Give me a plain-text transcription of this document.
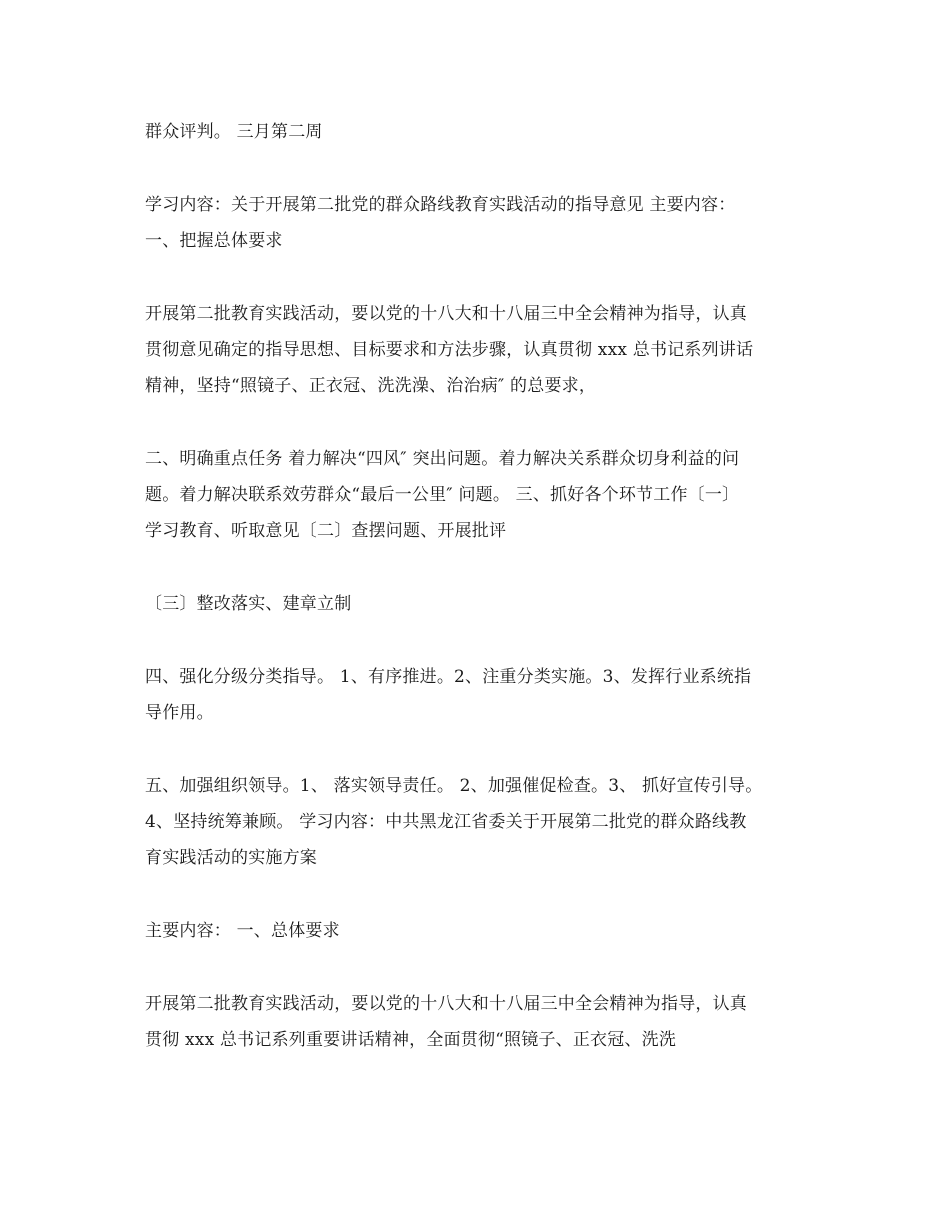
群众评判。 三月第二周

学习内容：关于开展第二批党的群众路线教育实践活动的指导意见 主要内容：
一、把握总体要求

开展第二批教育实践活动，要以党的十八大和十八届三中全会精神为指导，认真
贯彻意见确定的指导思想、目标要求和方法步骤，认真贯彻 xxx 总书记系列讲话
精神，坚持“照镜子、正衣冠、洗洗澡、治治病″ 的总要求，

二、明确重点任务 着力解决“四风″ 突出问题。着力解决关系群众切身利益的问
题。着力解决联系效劳群众“最后一公里″ 问题。 三、抓好各个环节工作〔一〕
学习教育、听取意见〔二〕查摆问题、开展批评

〔三〕整改落实、建章立制

四、强化分级分类指导。 1、有序推进。2、注重分类实施。3、发挥行业系统指
导作用。

五、加强组织领导。1、 落实领导责任。 2、加强催促检查。3、 抓好宣传引导。
4、坚持统筹兼顾。 学习内容：中共黑龙江省委关于开展第二批党的群众路线教
育实践活动的实施方案

主要内容： 一、总体要求

开展第二批教育实践活动，要以党的十八大和十八届三中全会精神为指导，认真
贯彻 xxx 总书记系列重要讲话精神，全面贯彻“照镜子、正衣冠、洗洗
